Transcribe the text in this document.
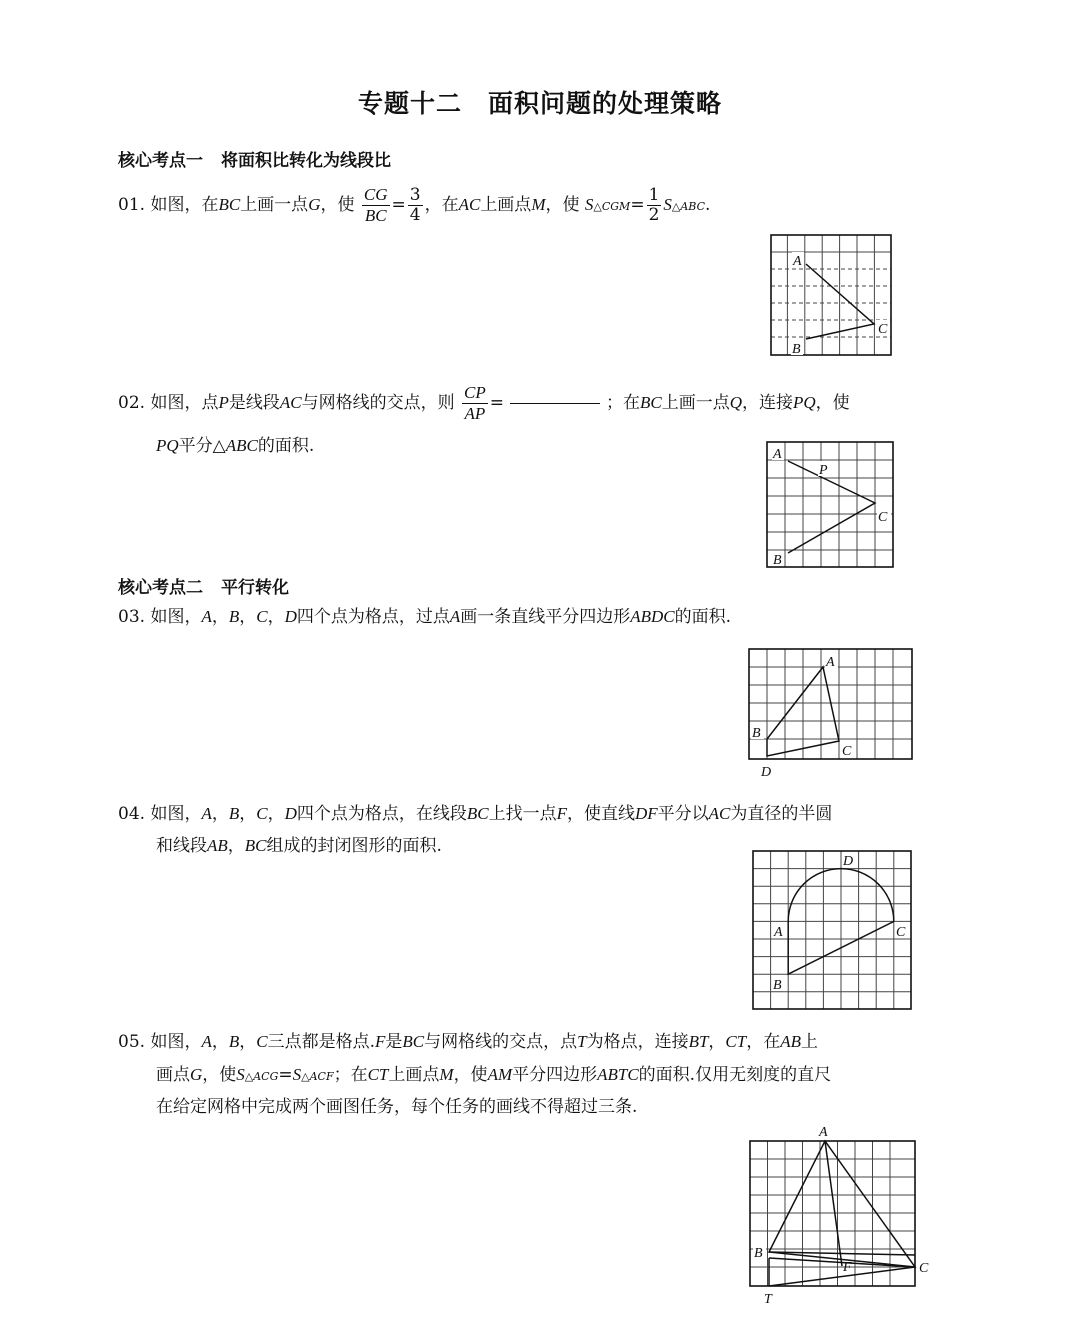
专题十二 面积问题的处理策略
核心考点一 将面积比转化为线段比
01. 如图，在BC上画一点G，使 $\frac{CG}{BC} = \frac{3}{4}$ ，在AC上画点M，使 S△CGM= $\frac{1}{2}$ S△ABC.
A
B
C
02. 如图，点P是线段AC与网格线的交点，则 $\frac{CP}{AP}$ =	；在BC上画一点Q，连接PQ，使
PQ平分△ABC的面积.	A
P
C
B
核心考点二 平行转化
03. 如图，A，B，C，D四个点为格点，过点A画一条直线平分四边形ABDC的面积.
A
B
C
D
04. 如图，A，B，C，D四个点为格点，在线段BC上找一点F，使直线DF平分以AC为直径的半圆
和线段AB，BC组成的封闭图形的面积.
D
A	C
B
05. 如图，A，B，C三点都是格点.F是BC与网格线的交点，点T为格点，连接BT，CT，在AB上
画点G，使S△ACG=S△ACF；在CT上画点M，使AM平分四边形ABTC的面积.仅用无刻度的直尺
在给定网格中完成两个画图任务，每个任务的画线不得超过三条.
A
B
F	C
T
